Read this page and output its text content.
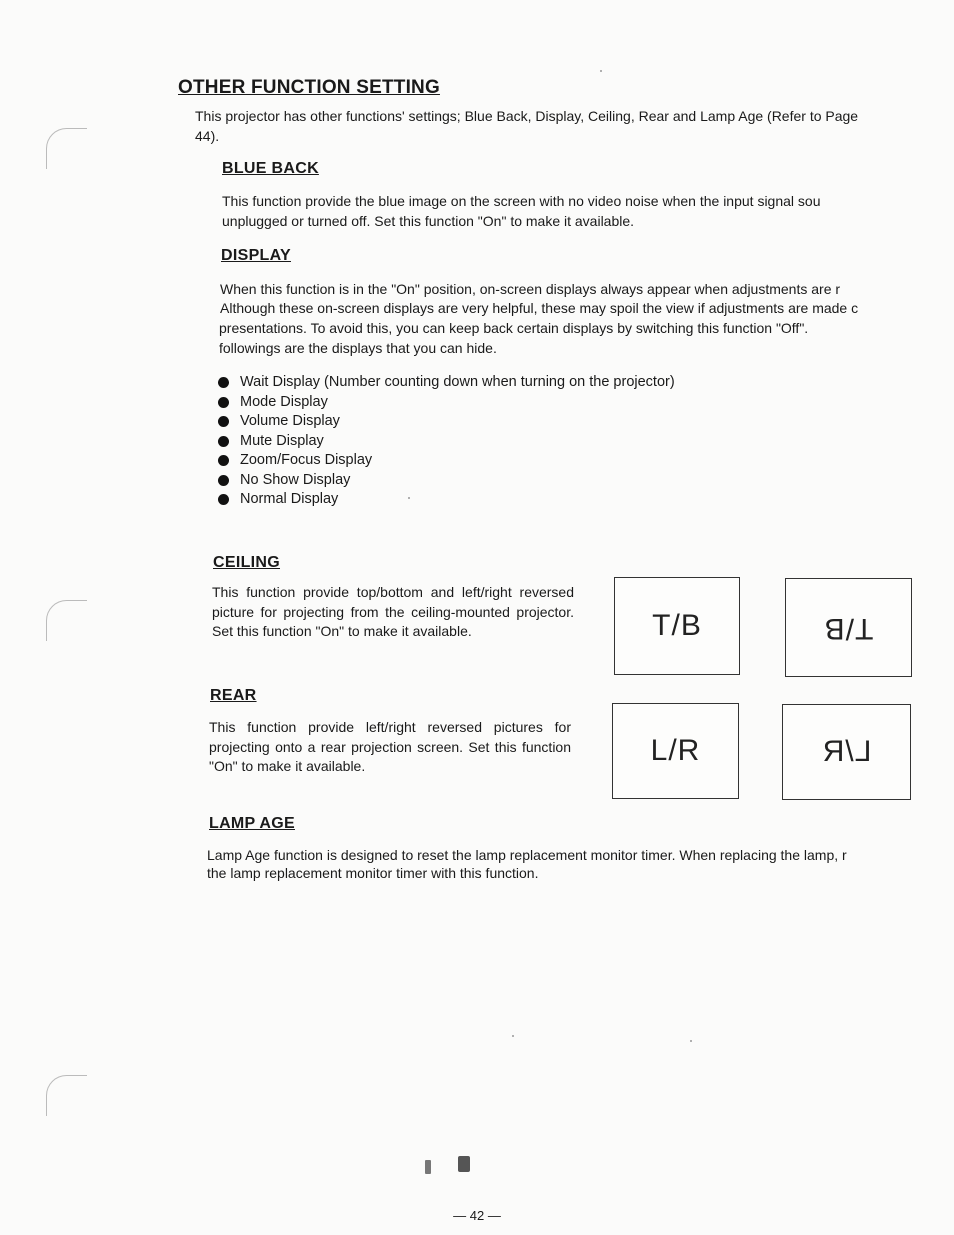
OTHER FUNCTION SETTING
This projector has other functions' settings; Blue Back, Display, Ceiling, Rear and Lamp Age (Refer to Page
44).
BLUE BACK
This function provide the blue image on the screen with no video noise when the input signal sou
unplugged or turned off. Set this function "On" to make it available.
DISPLAY
When this function is in the "On" position, on-screen displays always appear when adjustments are r
Although these on-screen displays are very helpful, these may spoil the view if adjustments are made c
presentations. To avoid this, you can keep back certain displays by switching this function "Off".
followings are the displays that you can hide.
Wait Display (Number counting down when turning on the projector)
Mode Display
Volume Display
Mute Display
Zoom/Focus Display
No Show Display
Normal Display
CEILING
This function provide top/bottom and left/right reversed picture for projecting from the ceiling-mounted projector. Set this function "On" to make it available.
REAR
This function provide left/right reversed pictures for projecting onto a rear projection screen. Set this function "On" to make it available.
T/B	T/B
L/R	L/R
LAMP AGE
Lamp Age function is designed to reset the lamp replacement monitor timer. When replacing the lamp, r
the lamp replacement monitor timer with this function.
— 42 —
